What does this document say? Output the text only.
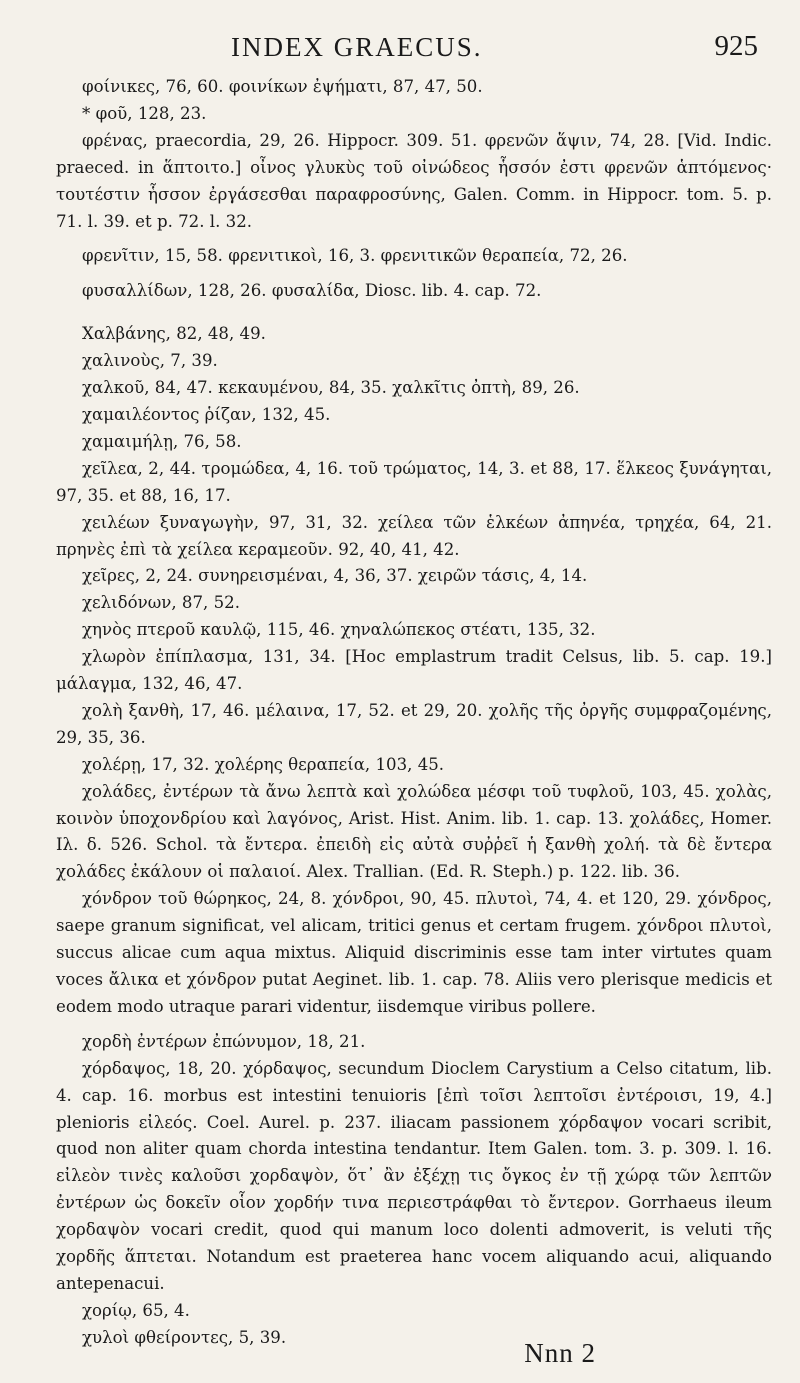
INDEX GRAECUS.	925

φοίνικες, 76, 60. φοινίκων ἐψήματι, 87, 47, 50.

* φοῦ, 128, 23.

φρένας, praecordia, 29, 26. Hippocr. 309. 51. φρενῶν ἅψιν, 74, 28. [Vid. Indic. praeced. in ἅπτοιτο.] οἶνος γλυκὺς τοῦ οἰνώδεος ἧσσόν ἐστι φρενῶν ἁπτόμενος· τουτέστιν ἧσσον ἐργάσεσθαι παραφροσύνης, Galen. Comm. in Hippocr. tom. 5. p. 71. l. 39. et p. 72. l. 32.

φρενῖτιν, 15, 58. φρενιτικοὶ, 16, 3. φρενιτικῶν θεραπεία, 72, 26.

φυσαλλίδων, 128, 26. φυσαλίδα, Diosc. lib. 4. cap. 72.

Χαλβάνης, 82, 48, 49.

χαλινοὺς, 7, 39.

χαλκοῦ, 84, 47. κεκαυμένου, 84, 35. χαλκῖτις ὀπτὴ, 89, 26.

χαμαιλέοντος ῥίζαν, 132, 45.

χαμαιμήλῃ, 76, 58.

χεῖλεα, 2, 44. τρομώδεα, 4, 16. τοῦ τρώματος, 14, 3. et 88, 17. ἕλκεος ξυνάγηται, 97, 35. et 88, 16, 17.

χειλέων ξυναγωγὴν, 97, 31, 32. χείλεα τῶν ἑλκέων ἀπηνέα, τρηχέα, 64, 21. πρηνὲς ἐπὶ τὰ χείλεα κεραμεοῦν. 92, 40, 41, 42.

χεῖρες, 2, 24. συνηρεισμέναι, 4, 36, 37. χειρῶν τάσις, 4, 14.

χελιδόνων, 87, 52.

χηνὸς πτεροῦ καυλῷ, 115, 46. χηναλώπεκος στέατι, 135, 32.

χλωρὸν ἐπίπλασμα, 131, 34. [Hoc emplastrum tradit Celsus, lib. 5. cap. 19.] μάλαγμα, 132, 46, 47.

χολὴ ξανθὴ, 17, 46. μέλαινα, 17, 52. et 29, 20. χολῆς τῆς ὀργῆς συμφραζομένης, 29, 35, 36.

χολέρῃ, 17, 32. χολέρης θεραπεία, 103, 45.

χολάδες, ἐντέρων τὰ ἄνω λεπτὰ καὶ χολώδεα μέσφι τοῦ τυφλοῦ, 103, 45. χολὰς, κοινὸν ὑποχονδρίου καὶ λαγόνος, Arist. Hist. Anim. lib. 1. cap. 13. χολάδες, Homer. Ιλ. δ. 526. Schol. τὰ ἔντερα. ἐπειδὴ εἰς αὐτὰ συῤῥεῖ ἡ ξανθὴ χολή. τὰ δὲ ἔντερα χολάδες ἐκάλουν οἱ παλαιοί. Alex. Trallian. (Ed. R. Steph.) p. 122. lib. 36.

χόνδρον τοῦ θώρηκος, 24, 8. χόνδροι, 90, 45. πλυτοὶ, 74, 4. et 120, 29. χόνδρος, saepe granum significat, vel alicam, tritici genus et certam frugem. χόνδροι πλυτοὶ, succus alicae cum aqua mixtus. Aliquid discriminis esse tam inter virtutes quam voces ἄλικα et χόνδρον putat Aeginet. lib. 1. cap. 78. Aliis vero plerisque medicis et eodem modo utraque parari videntur, iisdemque viribus pollere.

χορδὴ ἐντέρων ἐπώνυμον, 18, 21.

χόρδαψος, 18, 20. χόρδαψος, secundum Dioclem Carystium a Celso citatum, lib. 4. cap. 16. morbus est intestini tenuioris [ἐπὶ τοῖσι λεπτοῖσι ἐντέροισι, 19, 4.] plenioris εἰλεός. Coel. Aurel. p. 237. iliacam passionem χόρδαψον vocari scribit, quod non aliter quam chorda intestina tendantur. Item Galen. tom. 3. p. 309. l. 16. εἰλεὸν τινὲς καλοῦσι χορδαψὸν, ὅτ᾽ ἂν ἐξέχῃ τις ὄγκος ἐν τῇ χώρᾳ τῶν λεπτῶν ἐντέρων ὡς δοκεῖν οἷον χορδήν τινα περιεστράφθαι τὸ ἔντερον. Gorrhaeus ileum χορδαψὸν vocari credit, quod qui manum loco dolenti admoverit, is veluti τῆς χορδῆς ἅπτεται. Notandum est praeterea hanc vocem aliquando acui, aliquando antepenacui.

χορίῳ, 65, 4.

χυλοὶ φθείροντες, 5, 39.

Nnn 2
